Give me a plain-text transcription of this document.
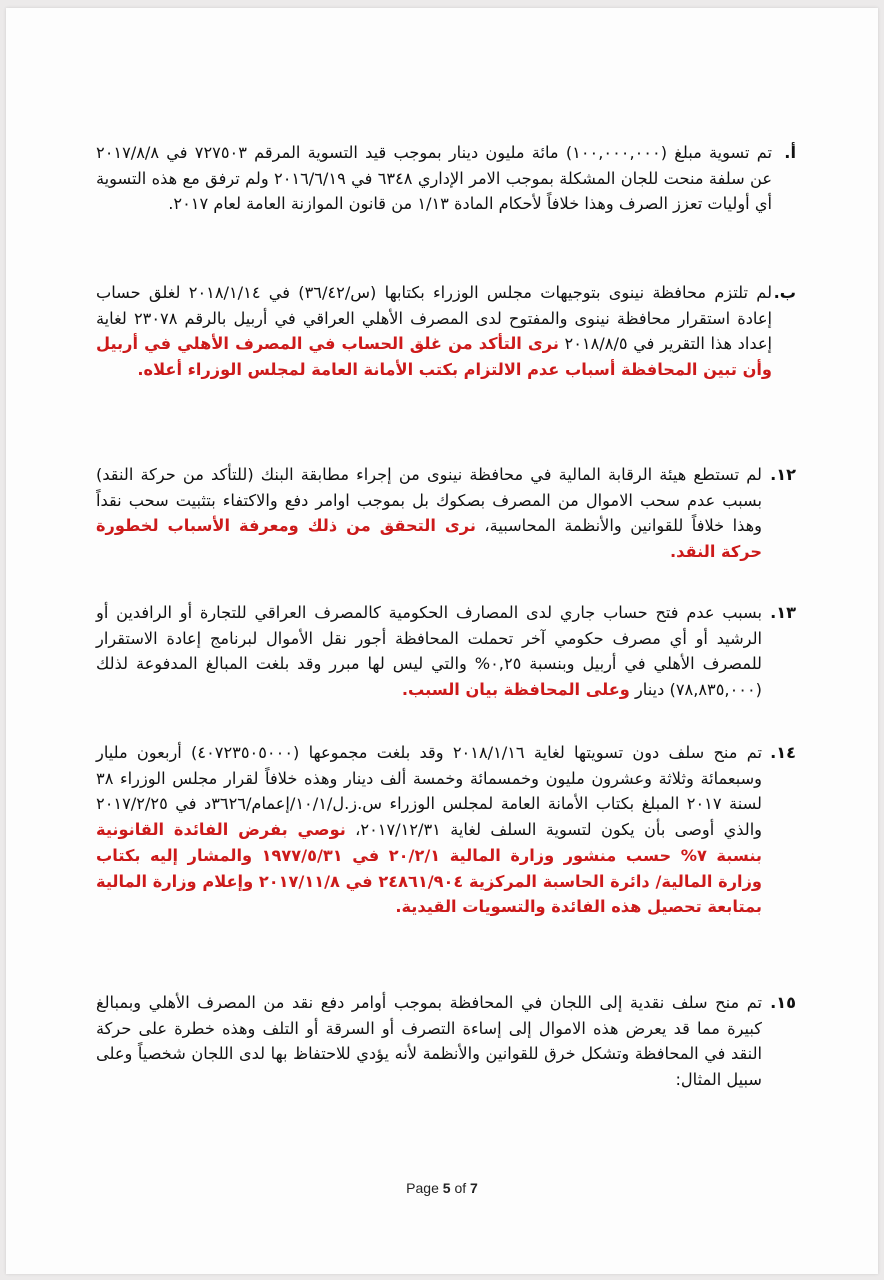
أ.

تم تسوية مبلغ (١٠٠,٠٠٠,٠٠٠) مائة مليون دينار بموجب قيد التسوية المرقم ٧٢٧٥٠٣ في ٢٠١٧/٨/٨ عن سلفة منحت للجان المشكلة بموجب الامر الإداري ٦٣٤٨ في ٢٠١٦/٦/١٩ ولم ترفق مع هذه التسوية أي أوليات تعزز الصرف وهذا خلافاً لأحكام المادة ١/١٣ من قانون الموازنة العامة لعام ٢٠١٧.

ب.

لم تلتزم محافظة نينوى بتوجيهات مجلس الوزراء بكتابها (س/٣٦/٤٢) في ٢٠١٨/١/١٤ لغلق حساب إعادة استقرار محافظة نينوى والمفتوح لدى المصرف الأهلي العراقي في أربيل بالرقم ٢٣٠٧٨ لغاية إعداد هذا التقرير في ٢٠١٨/٨/٥ نرى التأكد من غلق الحساب في المصرف الأهلي في أربيل وأن تبين المحافظة أسباب عدم الالتزام بكتب الأمانة العامة لمجلس الوزراء أعلاه.

١٢.

لم تستطع هيئة الرقابة المالية في محافظة نينوى من إجراء مطابقة البنك (للتأكد من حركة النقد) بسبب عدم سحب الاموال من المصرف بصكوك بل بموجب اوامر دفع والاكتفاء بتثبيت سحب نقداً وهذا خلافاً للقوانين والأنظمة المحاسبية، نرى التحقق من ذلك ومعرفة الأسباب لخطورة حركة النقد.

١٣.

بسبب عدم فتح حساب جاري لدى المصارف الحكومية كالمصرف العراقي للتجارة أو الرافدين أو الرشيد أو أي مصرف حكومي آخر تحملت المحافظة أجور نقل الأموال لبرنامج إعادة الاستقرار للمصرف الأهلي في أربيل وبنسبة ٠,٢٥% والتي ليس لها مبرر وقد بلغت المبالغ المدفوعة لذلك (٧٨,٨٣٥,٠٠٠) دينار وعلى المحافظة بيان السبب.

١٤.

تم منح سلف دون تسويتها لغاية ٢٠١٨/١/١٦ وقد بلغت مجموعها (٤٠٧٢٣٥٠٥٠٠٠) أربعون مليار وسبعمائة وثلاثة وعشرون مليون وخمسمائة وخمسة ألف دينار وهذه خلافاً لقرار مجلس الوزراء ٣٨ لسنة ٢٠١٧ المبلغ بكتاب الأمانة العامة لمجلس الوزراء س.ز.ل/١٠/١/إعمام/٣٦٢٦د في ٢٠١٧/٢/٢٥ والذي أوصى بأن يكون لتسوية السلف لغاية ٢٠١٧/١٢/٣١، نوصي بفرض الفائدة القانونية بنسبة ٧% حسب منشور وزارة المالية ٢٠/٢/١ في ١٩٧٧/٥/٣١ والمشار إليه بكتاب وزارة المالية/ دائرة الحاسبة المركزية ٢٤٨٦١/٩٠٤ في ٢٠١٧/١١/٨ وإعلام وزارة المالية بمتابعة تحصيل هذه الفائدة والتسويات القيدية.

١٥.

تم منح سلف نقدية إلى اللجان في المحافظة بموجب أوامر دفع نقد من المصرف الأهلي وبمبالغ كبيرة مما قد يعرض هذه الاموال إلى إساءة التصرف أو السرقة أو التلف وهذه خطرة على حركة النقد في المحافظة وتشكل خرق للقوانين والأنظمة لأنه يؤدي للاحتفاظ بها لدى اللجان شخصياً وعلى سبيل المثال:

Page 5 of 7
